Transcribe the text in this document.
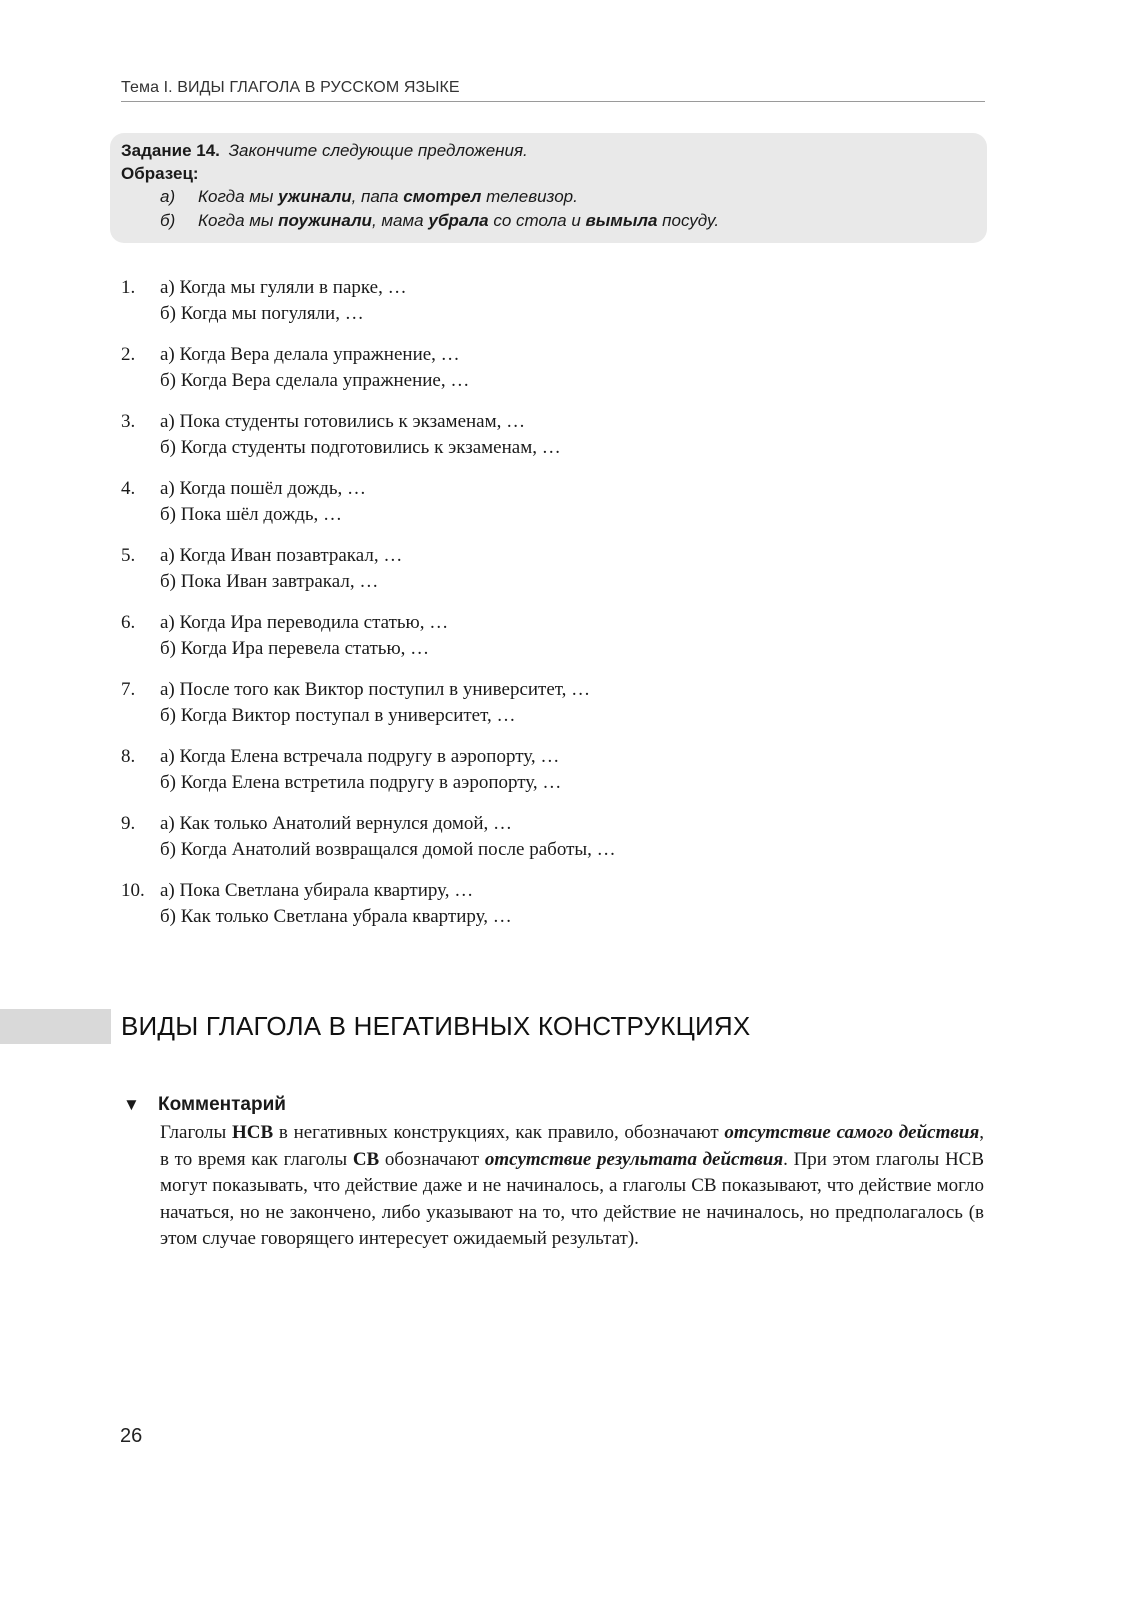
Тема I. ВИДЫ ГЛАГОЛА В РУССКОМ ЯЗЫКЕ
Задание 14. Закончите следующие предложения.
Образец:
а) Когда мы ужинали, папа смотрел телевизор.
б) Когда мы поужинали, мама убрала со стола и вымыла посуду.
1. а) Когда мы гуляли в парке, …
б) Когда мы погуляли, …
2. а) Когда Вера делала упражнение, …
б) Когда Вера сделала упражнение, …
3. а) Пока студенты готовились к экзаменам, …
б) Когда студенты подготовились к экзаменам, …
4. а) Когда пошёл дождь, …
б) Пока шёл дождь, …
5. а) Когда Иван позавтракал, …
б) Пока Иван завтракал, …
6. а) Когда Ира переводила статью, …
б) Когда Ира перевела статью, …
7. а) После того как Виктор поступил в университет, …
б) Когда Виктор поступал в университет, …
8. а) Когда Елена встречала подругу в аэропорту, …
б) Когда Елена встретила подругу в аэропорту, …
9. а) Как только Анатолий вернулся домой, …
б) Когда Анатолий возвращался домой после работы, …
10. а) Пока Светлана убирала квартиру, …
б) Как только Светлана убрала квартиру, …
ВИДЫ ГЛАГОЛА В НЕГАТИВНЫХ КОНСТРУКЦИЯХ
▼ Комментарий
Глаголы НСВ в негативных конструкциях, как правило, обозначают отсутствие самого действия, в то время как глаголы СВ обозначают отсутствие результата действия. При этом глаголы НСВ могут показывать, что действие даже и не начиналось, а глаголы СВ показывают, что действие могло начаться, но не закончено, либо указывают на то, что действие не начиналось, но предполагалось (в этом случае говорящего интересует ожидаемый результат).
26
